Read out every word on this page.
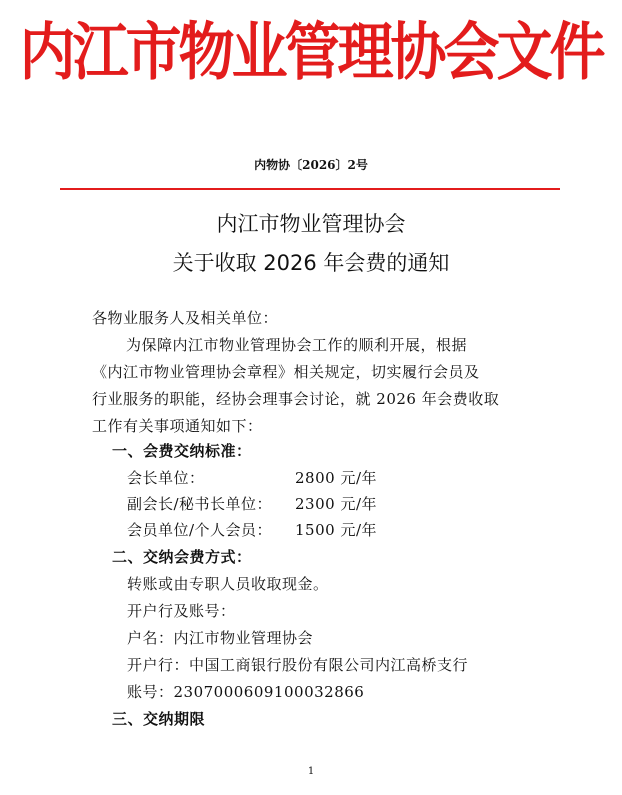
内江市物业管理协会文件
内物协〔2026〕2号
内江市物业管理协会
关于收取 2026 年会费的通知
各物业服务人及相关单位：
为保障内江市物业管理协会工作的顺利开展，根据
《内江市物业管理协会章程》相关规定，切实履行会员及
行业服务的职能，经协会理事会讨论，就 2026 年会费收取
工作有关事项通知如下：
一、会费交纳标准：
会长单位：	2800 元/年
副会长/秘书长单位： 2300 元/年
会员单位/个人会员： 1500 元/年
二、交纳会费方式：
转账或由专职人员收取现金。
开户行及账号：
户名：内江市物业管理协会
开户行：中国工商银行股份有限公司内江高桥支行
账号：2307000609100032866
三、交纳期限
1
